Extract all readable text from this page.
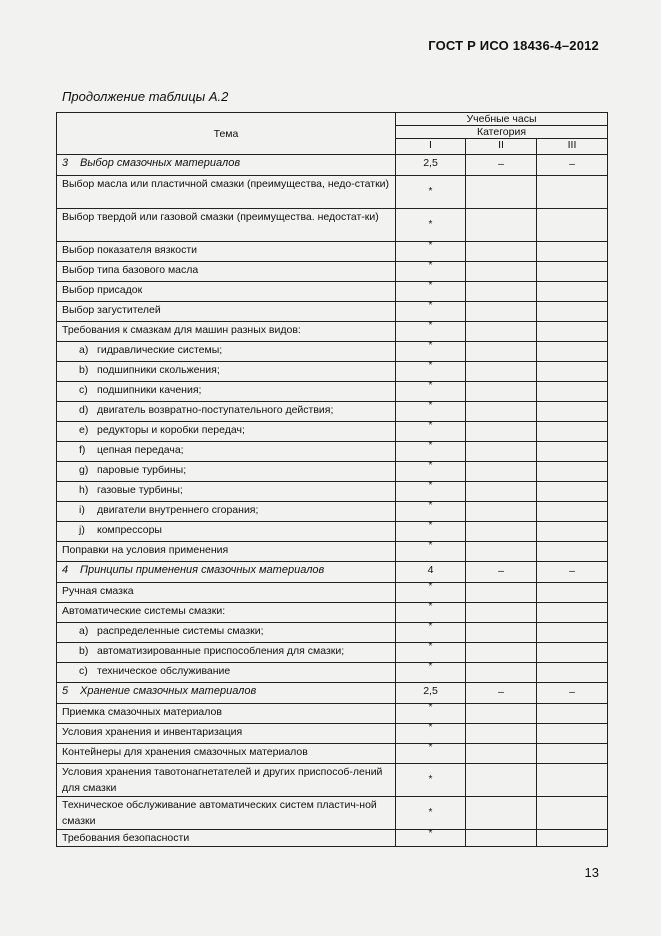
ГОСТ Р ИСО 18436-4–2012
Продолжение таблицы А.2
Тема	Учебные часы		
	Категория		
	I	II	III
3 Выбор смазочных материалов	2,5	–	–

Выбор масла или пластичной смазки (преимущества, недо-статки)	*		

Выбор твердой или газовой смазки (преимущества. недостат-ки)	*		

Выбор показателя вязкости	*		

Выбор типа базового масла	*		

Выбор присадок	*		

Выбор загустителей	*		

Требования к смазкам для машин разных видов:	*		

a) гидравлические системы;	*		

b) подшипники скольжения;	*		

c) подшипники качения;	*		

d) двигатель возвратно-поступательного действия;	*		

e) редукторы и коробки передач;	*		

f) цепная передача;	*		

g) паровые турбины;	*		

h) газовые турбины;	*		

i) двигатели внутреннего сгорания;	*		

j) компрессоры	*		

Поправки на условия применения	*		

4 Принципы применения смазочных материалов	4	–	–

Ручная смазка	*		

Автоматические системы смазки:	*		

a) распределенные системы смазки;	*		

b) автоматизированные приспособления для смазки;	*		

c) техническое обслуживание	*		

5 Хранение смазочных материалов	2,5	–	–

Приемка смазочных материалов	*		

Условия хранения и инвентаризация	*		

Контейнеры для хранения смазочных материалов	*		

Условия хранения тавотонагнетателей и других приспособ-лений для смазки	*		

Техническое обслуживание автоматических систем пластич-ной смазки	*		

Требования безопасности	*		

13
